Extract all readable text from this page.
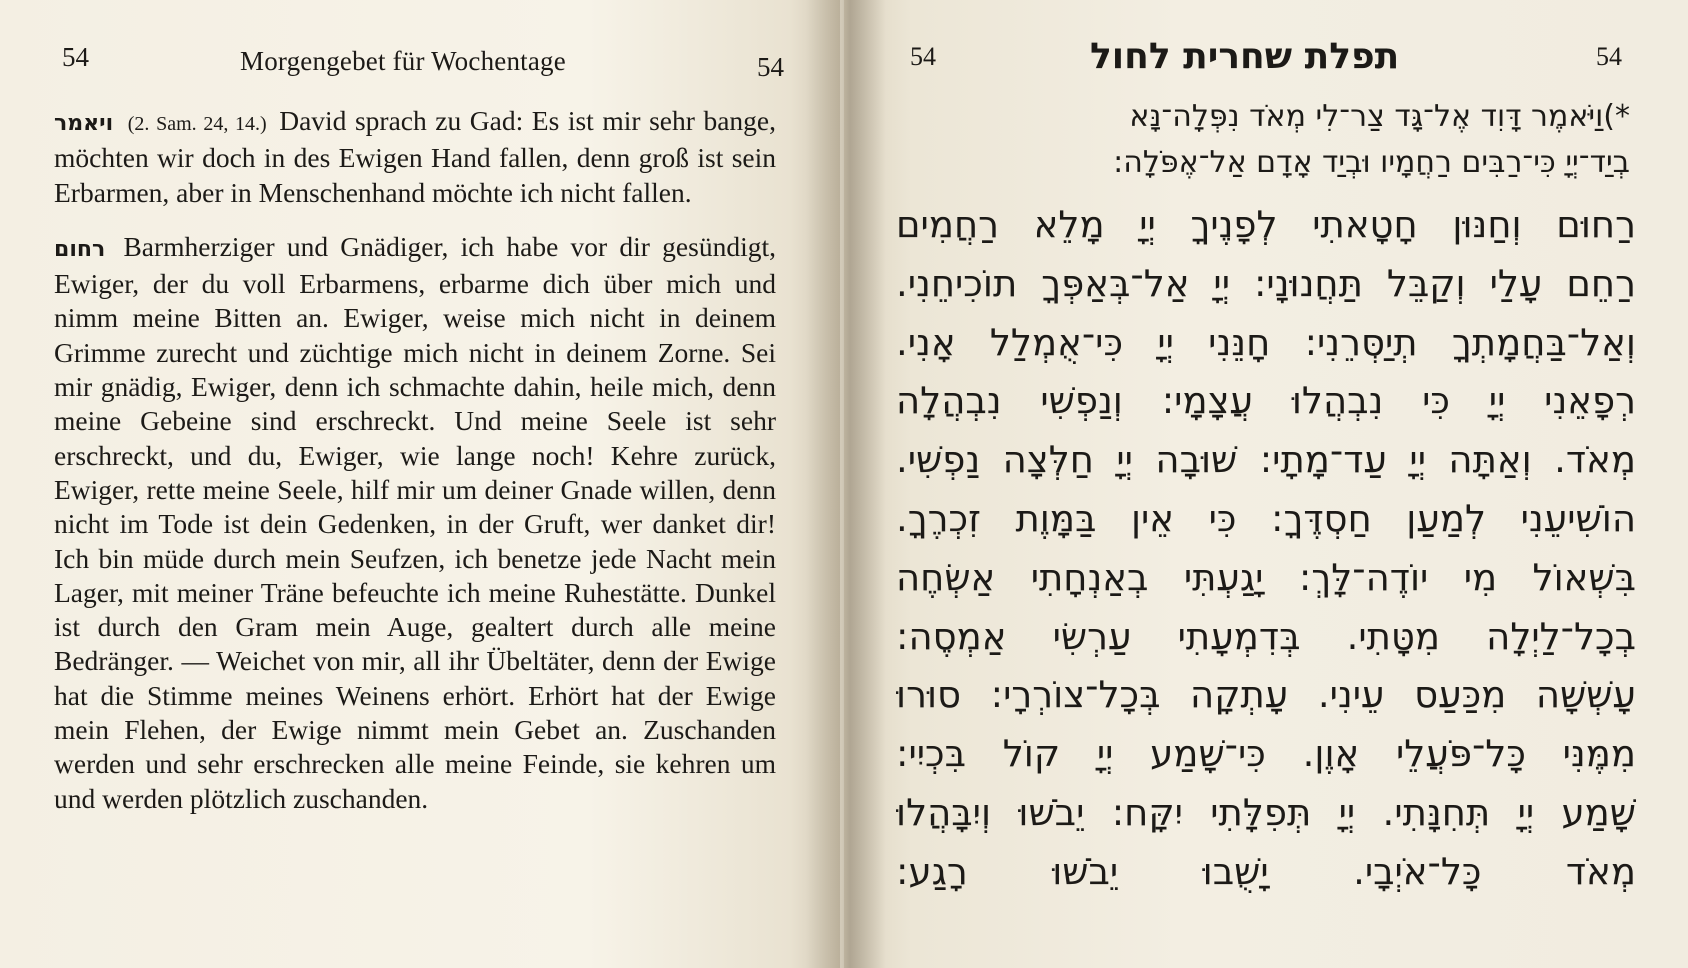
54	Morgengebet für Wochentage	54

ויאמר (2. Sam. 24, 14.) David sprach zu Gad: Es ist mir sehr bange, möchten wir doch in des Ewigen Hand fallen, denn groß ist sein Erbarmen, aber in Menschenhand möchte ich nicht fallen.

רחום Barmherziger und Gnädiger, ich habe vor dir gesündigt, Ewiger, der du voll Erbarmens, erbarme dich über mich und nimm meine Bitten an. Ewiger, weise mich nicht in deinem Grimme zurecht und züchtige mich nicht in deinem Zorne. Sei mir gnädig, Ewiger, denn ich schmachte dahin, heile mich, denn meine Gebeine sind erschreckt. Und meine Seele ist sehr erschreckt, und du, Ewiger, wie lange noch! Kehre zurück, Ewiger, rette meine Seele, hilf mir um deiner Gnade willen, denn nicht im Tode ist dein Gedenken, in der Gruft, wer danket dir! Ich bin müde durch mein Seufzen, ich benetze jede Nacht mein Lager, mit meiner Träne befeuchte ich meine Ruhestätte. Dunkel ist durch den Gram mein Auge, gealtert durch alle meine Bedränger. — Weichet von mir, all ihr Übeltäter, denn der Ewige hat die Stimme meines Weinens erhört. Erhört hat der Ewige mein Flehen, der Ewige nimmt mein Gebet an. Zuschanden werden und sehr erschrecken alle meine Feinde, sie kehren um und werden plötzlich zuschanden.

54	תפלת שחרית לחול	54
*)וַיֹּאמֶר דָּוִד אֶל־גָּד צַר־לִי מְאֹד נִפְּלָה־נָּא
בְיַד־יְיָ כִּי־רַבִּים רַחֲמָיו וּבְיַד אָדָם אַל־אֶפֹּלָה:
רַחוּם וְחַנּוּן חָטָאתִי לְפָנֶיךָ יְיָ מָלֵא רַחֲמִים
רַחֵם עָלַי וְקַבֵּל תַּחֲנוּנָי: יְיָ אַל־בְּאַפְּךָ תוֹכִיחֵנִי.
וְאַל־בַּחֲמָתְךָ תְיַסְּרֵנִי: חָנֵּנִי יְיָ כִּי־אֻמְלַל אָנִי.
רְפָאֵנִי יְיָ כִּי נִבְהֲלוּ עֲצָמָי: וְנַפְשִׁי נִבְהֲלָה
מְאֹד. וְאַתָּה יְיָ עַד־מָתָי: שׁוּבָה יְיָ חַלְּצָה נַפְשִׁי.
הוֹשִׁיעֵנִי לְמַעַן חַסְדֶּךָ: כִּי אֵין בַּמָּוֶת זִכְרֶךָ.
בִּשְׁאוֹל מִי יוֹדֶה־לָּךְ: יָגַעְתִּי בְאַנְחָתִי אַשְׂחֶה
בְכָל־לַיְלָה מִטָּתִי. בְּדִמְעָתִי עַרְשִׂי אַמְסֶה:
עָשְׁשָׁה מִכַּעַס עֵינִי. עָתְקָה בְּכָל־צוֹרְרָי: סוּרוּ
מִמֶּנִּי כָּל־פֹּעֲלֵי אָוֶן. כִּי־שָׁמַע יְיָ קוֹל בִּכְיִי:
שָׁמַע יְיָ תְּחִנָּתִי. יְיָ תְּפִלָּתִי יִקָּח: יֵבֹשׁוּ וְיִבָּהֲלוּ
מְאֹד כָּל־אֹיְבָי. יָשֻׁבוּ יֵבֹשׁוּ רָגַע:
